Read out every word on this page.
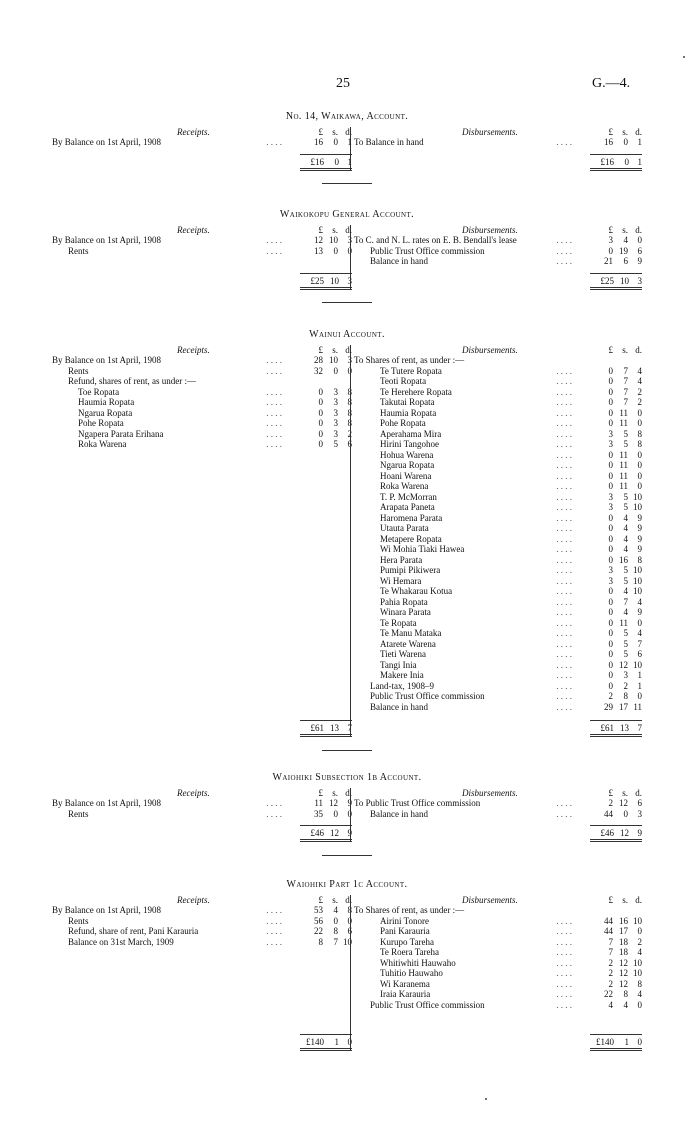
25	G.—4.
No. 14, Waikawa, Account.
Receipts.	£ s. d.
By Balance on 1st April, 1908	. . . .	16 0 1
£16 0 1
Disbursements.	£ s. d.
To Balance in hand	. . . .	16 0 1
£16 0 1
Waikokopu General Account.
Receipts.	£ s. d.
By Balance on 1st April, 1908	. . . .	12 10 3
Rents	. . . .	13 0 0
£25 10 3
Disbursements.	£ s. d.
To C. and N. L. rates on E. B. Bendall's lease	. . . .	3 4 0
Public Trust Office commission	. . . .	0 19 6
Balance in hand	. . . .	21 6 9
£25 10 3
Wainui Account.
Receipts.	£ s. d.
By Balance on 1st April, 1908	. . . .	28 10 3
Rents	. . . .	32 0 0
Refund, shares of rent, as under :—
Toe Ropata	. . . .	0 3 8
Haumia Ropata	. . . .	0 3 8
Ngarua Ropata	. . . .	0 3 8
Pohe Ropata	. . . .	0 3 8
Ngapera Parata Erihana	. . . .	0 3 2
Roka Warena	. . . .	0 5 6
£61 13 7
Disbursements.	£ s. d.
To Shares of rent, as under :—
Te Tutere Ropata	. . . .	0 7 4
Teoti Ropata	. . . .	0 7 4
Te Herehere Ropata	. . . .	0 7 2
Takutai Ropata	. . . .	0 7 2
Haumia Ropata	. . . .	0 11 0
Pohe Ropata	. . . .	0 11 0
Aperahama Mira	. . . .	3 5 8
Hirini Tangohoe	. . . .	3 5 8
Hohua Warena	. . . .	0 11 0
Ngarua Ropata	. . . .	0 11 0
Hoani Warena	. . . .	0 11 0
Roka Warena	. . . .	0 11 0
T. P. McMorran	. . . .	3 5 10
Arapata Paneta	. . . .	3 5 10
Haromena Parata	. . . .	0 4 9
Utauta Parata	. . . .	0 4 9
Metapere Ropata	. . . .	0 4 9
Wi Mohia Tiaki Hawea	. . . .	0 4 9
Hera Parata	. . . .	0 16 8
Pumipi Pikiwera	. . . .	3 5 10
Wi Hemara	. . . .	3 5 10
Te Whakarau Kotua	. . . .	0 4 10
Pahia Ropata	. . . .	0 7 4
Winara Parata	. . . .	0 4 9
Te Ropata	. . . .	0 11 0
Te Manu Mataka	. . . .	0 5 4
Atarete Warena	. . . .	0 5 7
Tieti Warena	. . . .	0 5 6
Tangi Inia	. . . .	0 12 10
Makere Inia	. . . .	0 3 1
Land-tax, 1908–9	. . . .	0 2 1
Public Trust Office commission	. . . .	2 8 0
Balance in hand	. . . .	29 17 11
£61 13 7
Waiohiki Subsection 1b Account.
Receipts.	£ s. d.
By Balance on 1st April, 1908	. . . .	11 12 9
Rents	. . . .	35 0 0
£46 12 9
Disbursements.	£ s. d.
To Public Trust Office commission	. . . .	2 12 6
Balance in hand	. . . .	44 0 3
£46 12 9
Waiohiki Part 1c Account.
Receipts.	£ s. d.
By Balance on 1st April, 1908	. . . .	53 4 8
Rents	. . . .	56 0 0
Refund, share of rent, Pani Karauria	. . . .	22 8 6
Balance on 31st March, 1909	. . . .	8 7 10
£140 1 0
Disbursements.	£ s. d.
To Shares of rent, as under :—
Airini Tonore	. . . .	44 16 10
Pani Karauria	. . . .	44 17 0
Kurupo Tareha	. . . .	7 18 2
Te Roera Tareha	. . . .	7 18 4
Whitiwhiti Hauwaho	. . . .	2 12 10
Tuhitio Hauwaho	. . . .	2 12 10
Wi Karanema	. . . .	2 12 8
Iraia Karauria	. . . .	22 8 4
Public Trust Office commission	. . . .	4 4 0
£140 1 0
